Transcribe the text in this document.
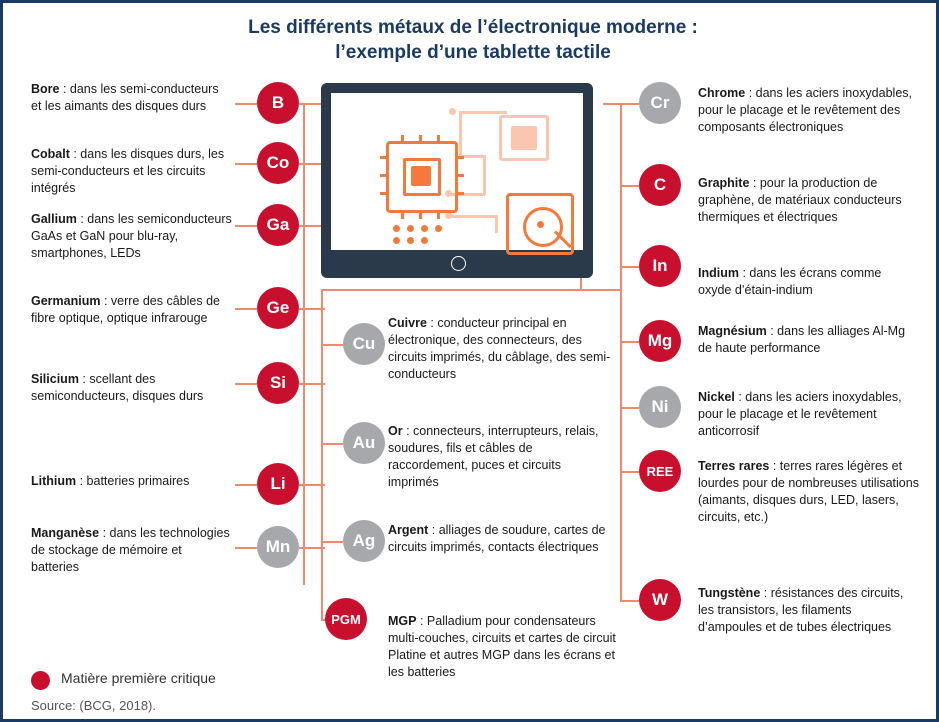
Les différents métaux de l’électronique moderne :
l’exemple d’une tablette tactile
B
Co
Ga
Ge
Si
Li
Mn
Bore : dans les semi-conducteurs et les aimants des disques durs
Cobalt : dans les disques durs, les semi-conducteurs et les circuits intégrés
Gallium : dans les semiconducteurs GaAs et GaN pour blu-ray, smartphones, LEDs
Germanium : verre des câbles de fibre optique, optique infrarouge
Silicium : scellant des semiconducteurs, disques durs
Lithium : batteries primaires
Manganèse : dans les technologies de stockage de mémoire et batteries
Cu
Au
Ag
PGM
Cuivre : conducteur principal en électronique, des connecteurs, des circuits imprimés, du câblage, des semi-conducteurs
Or : connecteurs, interrupteurs, relais, soudures, fils et câbles de raccordement, puces et circuits imprimés
Argent : alliages de soudure, cartes de circuits imprimés, contacts électriques
MGP : Palladium pour condensateurs multi-couches, circuits et cartes de circuit
Platine et autres MGP dans les écrans et les batteries
Cr
C
In
Mg
Ni
REE
W
Chrome : dans les aciers inoxydables, pour le placage et le revêtement des composants électroniques
Graphite : pour la production de graphène, de matériaux conducteurs thermiques et électriques
Indium : dans les écrans comme oxyde d’étain-indium
Magnésium : dans les alliages Al-Mg de haute performance
Nickel : dans les aciers inoxydables, pour le placage et le revêtement anticorrosif
Terres rares : terres rares légères et lourdes pour de nombreuses utilisations (aimants, disques durs, LED, lasers, circuits, etc.)
Tungstène : résistances des circuits, les transistors, les filaments d’ampoules et de tubes électriques
Matière première critique
Source: (BCG, 2018).
